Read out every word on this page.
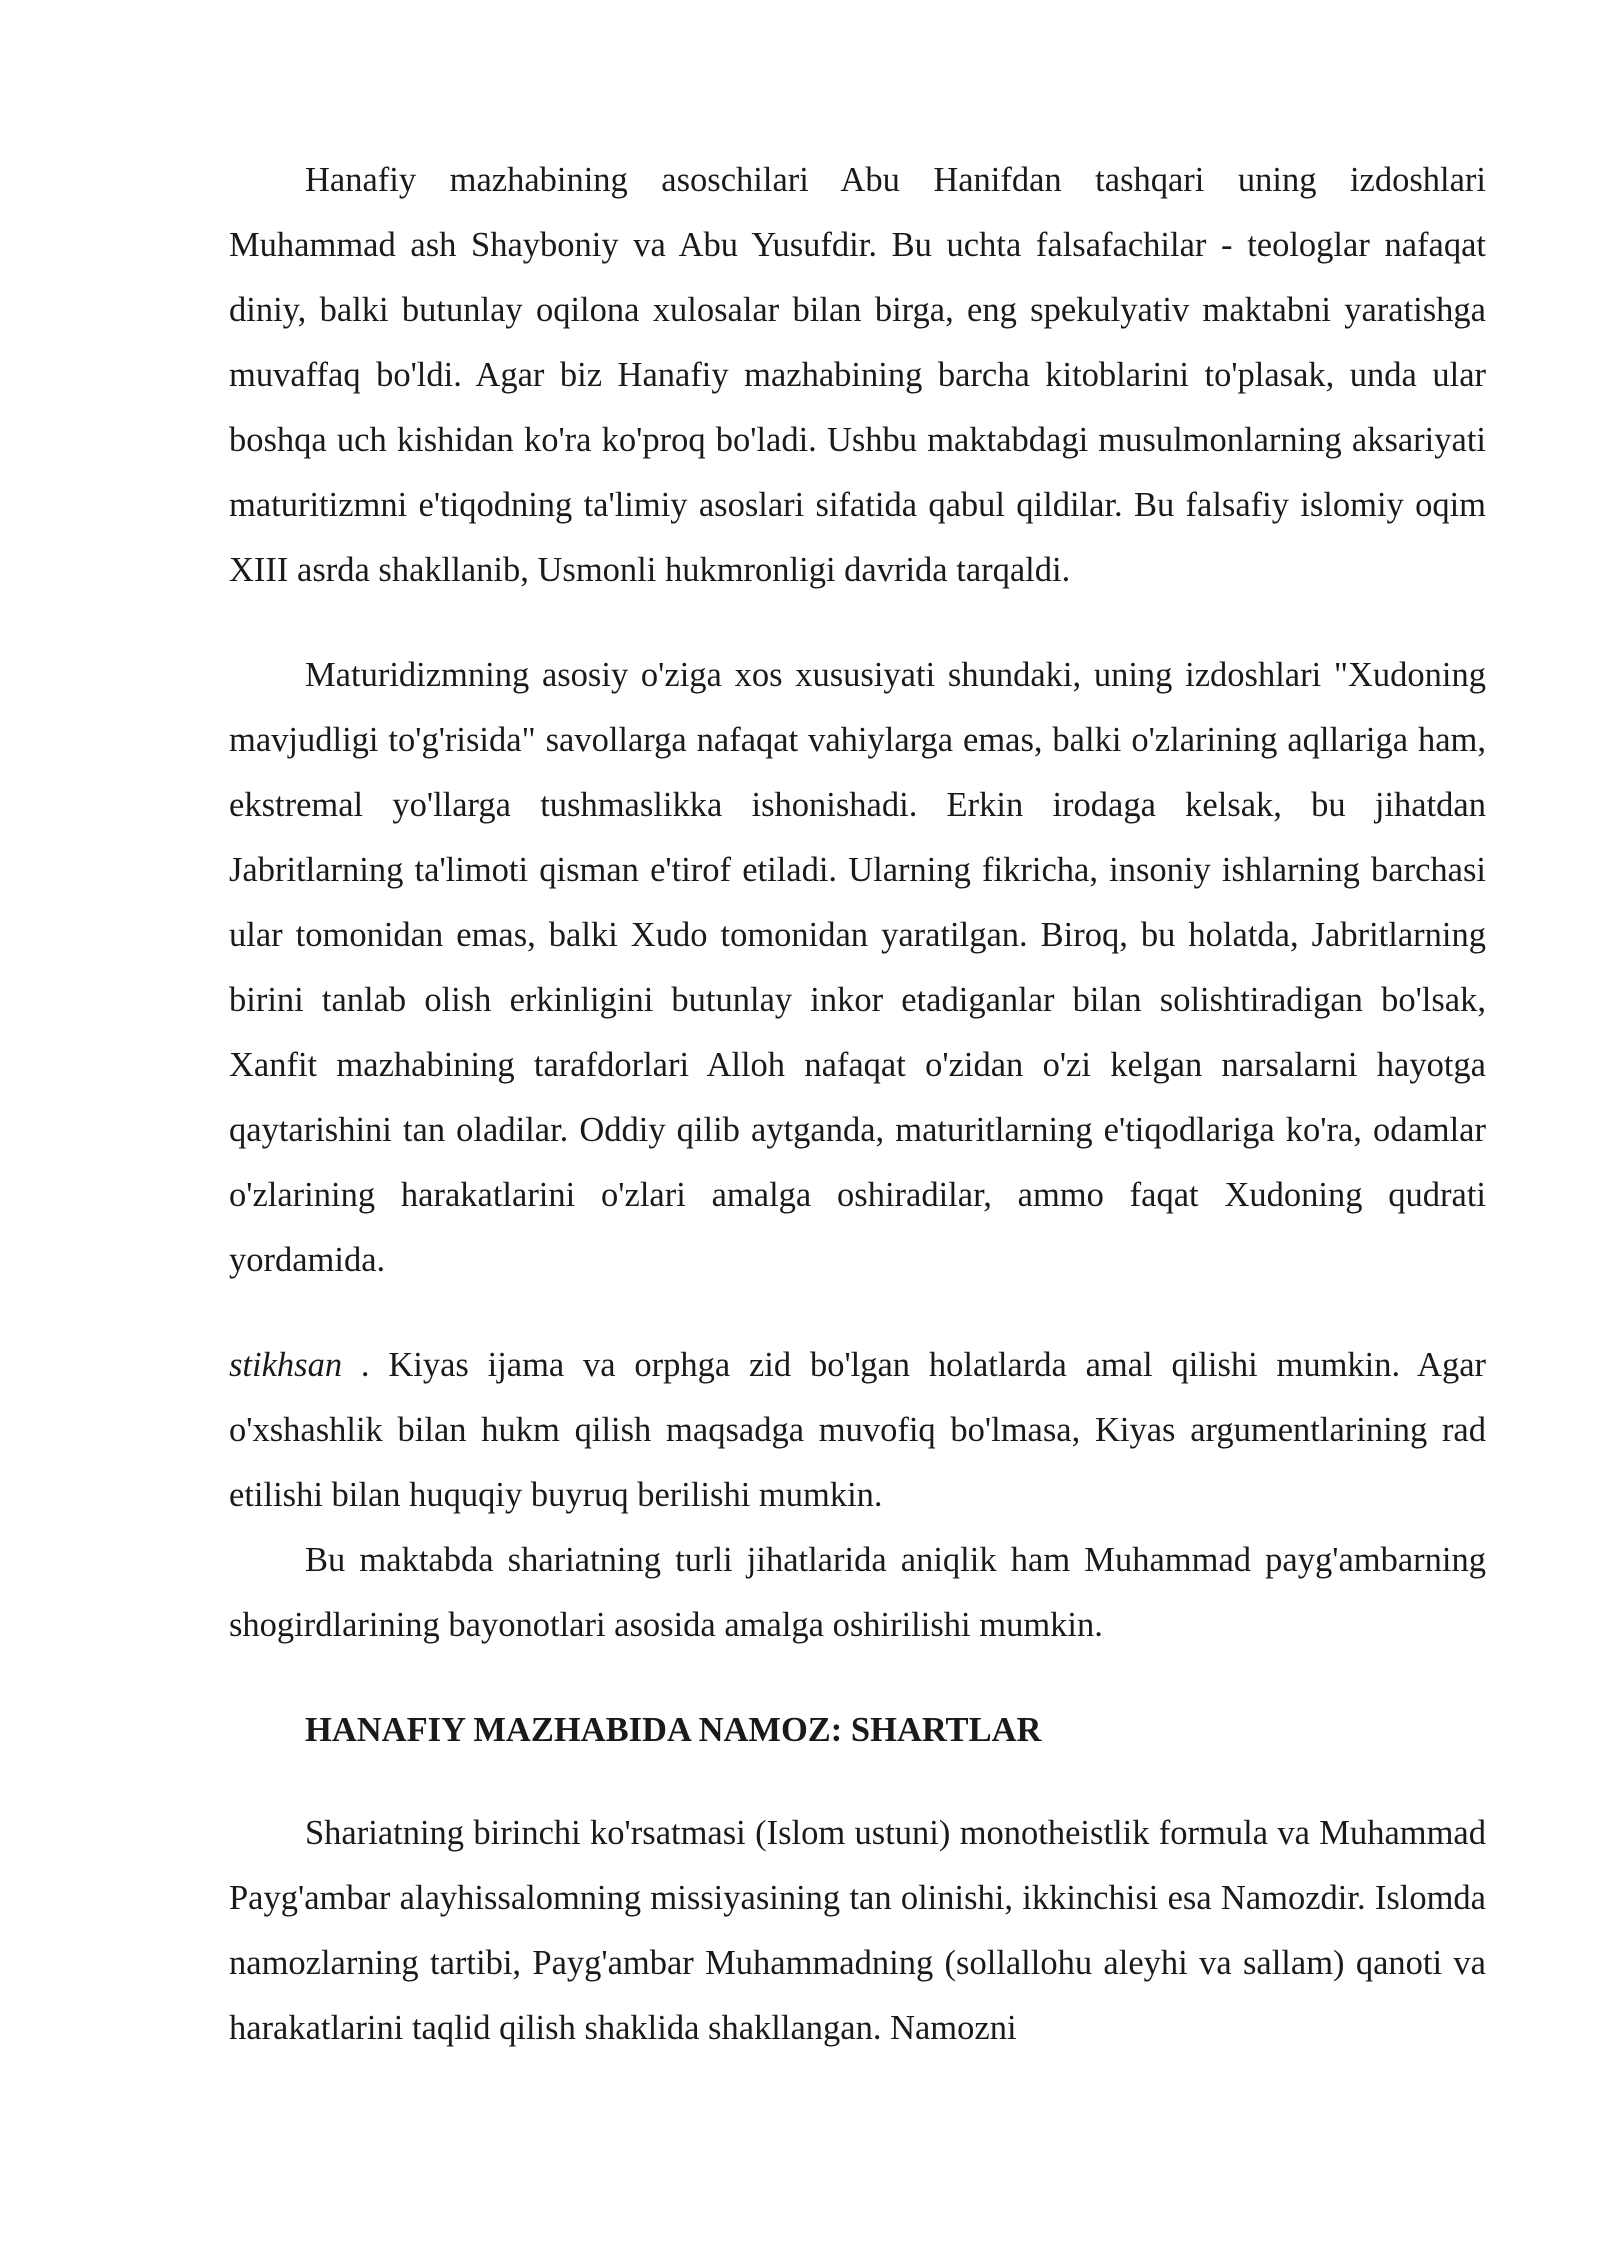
Hanafiy mazhabining asoschilari Abu Hanifdan tashqari uning izdoshlari Muhammad ash Shayboniy va Abu Yusufdir. Bu uchta falsafachilar - teologlar nafaqat diniy, balki butunlay oqilona xulosalar bilan birga, eng spekulyativ maktabni yaratishga muvaffaq bo'ldi. Agar biz Hanafiy mazhabining barcha kitoblarini to'plasak, unda ular boshqa uch kishidan ko'ra ko'proq bo'ladi. Ushbu maktabdagi musulmonlarning aksariyati maturitizmni e'tiqodning ta'limiy asoslari sifatida qabul qildilar. Bu falsafiy islomiy oqim XIII asrda shakllanib, Usmonli hukmronligi davrida tarqaldi.

Maturidizmning asosiy o'ziga xos xususiyati shundaki, uning izdoshlari "Xudoning mavjudligi to'g'risida" savollarga nafaqat vahiylarga emas, balki o'zlarining aqllariga ham, ekstremal yo'llarga tushmaslikka ishonishadi. Erkin irodaga kelsak, bu jihatdan Jabritlarning ta'limoti qisman e'tirof etiladi. Ularning fikricha, insoniy ishlarning barchasi ular tomonidan emas, balki Xudo tomonidan yaratilgan. Biroq, bu holatda, Jabritlarning birini tanlab olish erkinligini butunlay inkor etadiganlar bilan solishtiradigan bo'lsak, Xanfit mazhabining tarafdorlari Alloh nafaqat o'zidan o'zi kelgan narsalarni hayotga qaytarishini tan oladilar. Oddiy qilib aytganda, maturitlarning e'tiqodlariga ko'ra, odamlar o'zlarining harakatlarini o'zlari amalga oshiradilar, ammo faqat Xudoning qudrati yordamida.

stikhsan . Kiyas ijama va orphga zid bo'lgan holatlarda amal qilishi mumkin. Agar o'xshashlik bilan hukm qilish maqsadga muvofiq bo'lmasa, Kiyas argumentlarining rad etilishi bilan huquqiy buyruq berilishi mumkin.

Bu maktabda shariatning turli jihatlarida aniqlik ham Muhammad payg'ambarning shogirdlarining bayonotlari asosida amalga oshirilishi mumkin.

HANAFIY MAZHABIDA NAMOZ: SHARTLAR

Shariatning birinchi ko'rsatmasi (Islom ustuni) monotheistlik formula va Muhammad Payg'ambar alayhissalomning missiyasining tan olinishi, ikkinchisi esa Namozdir. Islomda namozlarning tartibi, Payg'ambar Muhammadning (sollallohu aleyhi va sallam) qanoti va harakatlarini taqlid qilish shaklida shakllangan. Namozni
